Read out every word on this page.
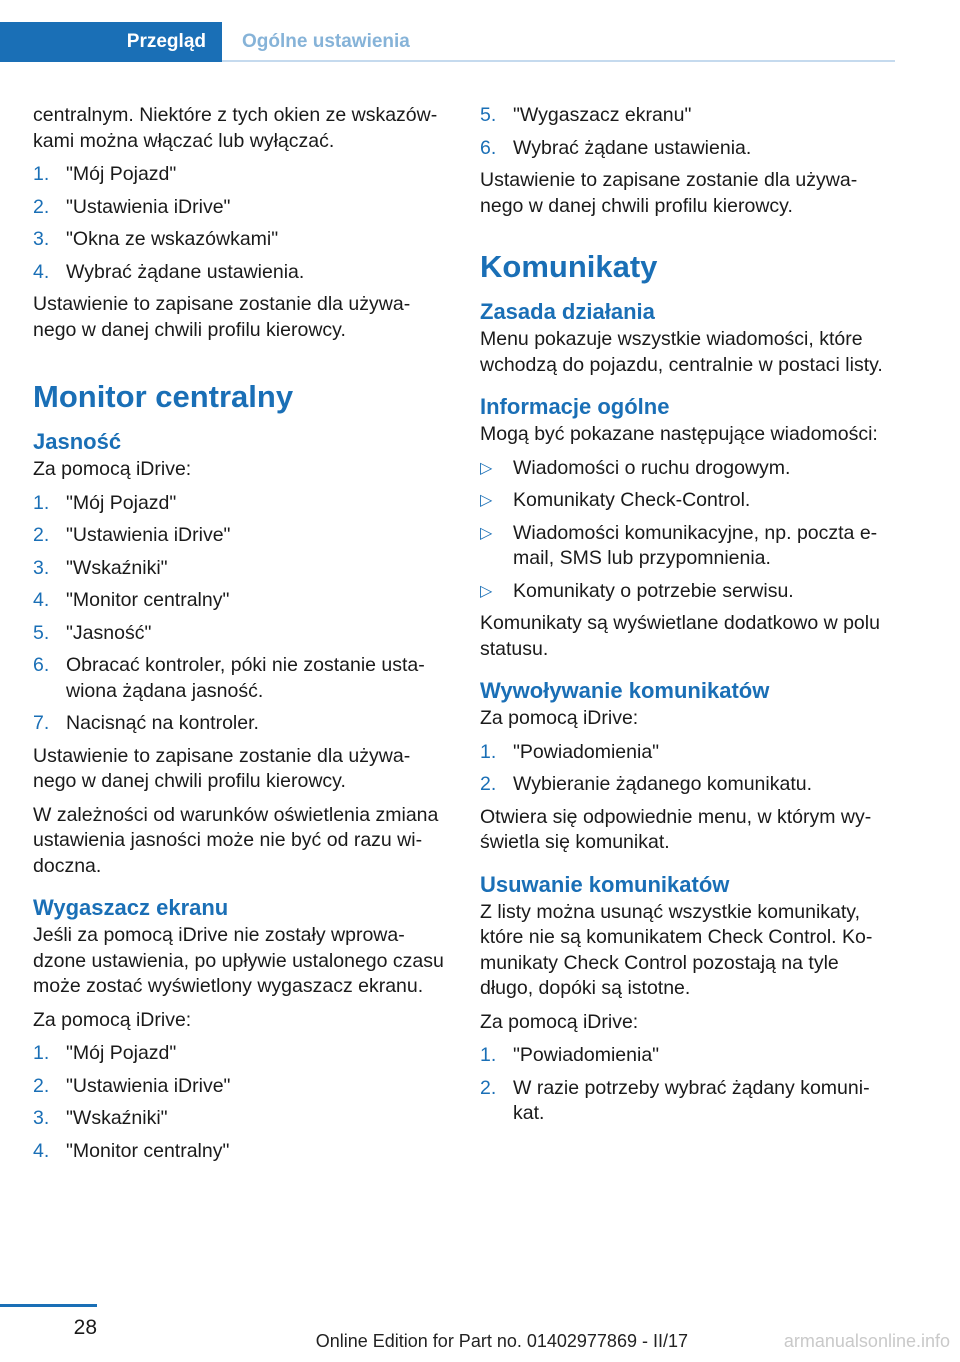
Przegląd Ogólne ustawienia

centralnym. Niektóre z tych okien ze wskazówkami można włączać lub wyłączać.

1. "Mój Pojazd"
2. "Ustawienia iDrive"
3. "Okna ze wskazówkami"
4. Wybrać żądane ustawienia.

Ustawienie to zapisane zostanie dla używanego w danej chwili profilu kierowcy.

Monitor centralny
Jasność

Za pomocą iDrive:

1. "Mój Pojazd"
2. "Ustawienia iDrive"
3. "Wskaźniki"
4. "Monitor centralny"
5. "Jasność"
6. Obracać kontroler, póki nie zostanie ustawiona żądana jasność.
7. Nacisnąć na kontroler.

Ustawienie to zapisane zostanie dla używanego w danej chwili profilu kierowcy.

W zależności od warunków oświetlenia zmiana ustawienia jasności może nie być od razu widoczna.

Wygaszacz ekranu

Jeśli za pomocą iDrive nie zostały wprowadzone ustawienia, po upływie ustalonego czasu może zostać wyświetlony wygaszacz ekranu.

Za pomocą iDrive:

1. "Mój Pojazd"
2. "Ustawienia iDrive"
3. "Wskaźniki"
4. "Monitor centralny"
5. "Wygaszacz ekranu"
6. Wybrać żądane ustawienia.

Ustawienie to zapisane zostanie dla używanego w danej chwili profilu kierowcy.

Komunikaty
Zasada działania

Menu pokazuje wszystkie wiadomości, które wchodzą do pojazdu, centralnie w postaci listy.

Informacje ogólne

Mogą być pokazane następujące wiadomości:

▷ Wiadomości o ruchu drogowym.
▷ Komunikaty Check-Control.
▷ Wiadomości komunikacyjne, np. poczta e-mail, SMS lub przypomnienia.
▷ Komunikaty o potrzebie serwisu.

Komunikaty są wyświetlane dodatkowo w polu statusu.

Wywoływanie komunikatów

Za pomocą iDrive:

1. "Powiadomienia"
2. Wybieranie żądanego komunikatu.

Otwiera się odpowiednie menu, w którym wyświetla się komunikat.

Usuwanie komunikatów

Z listy można usunąć wszystkie komunikaty, które nie są komunikatem Check Control. Komunikaty Check Control pozostają na tyle długo, dopóki są istotne.

Za pomocą iDrive:

1. "Powiadomienia"
2. W razie potrzeby wybrać żądany komunikat.
28
Online Edition for Part no. 01402977869 - II/17	armanualsonline.info
